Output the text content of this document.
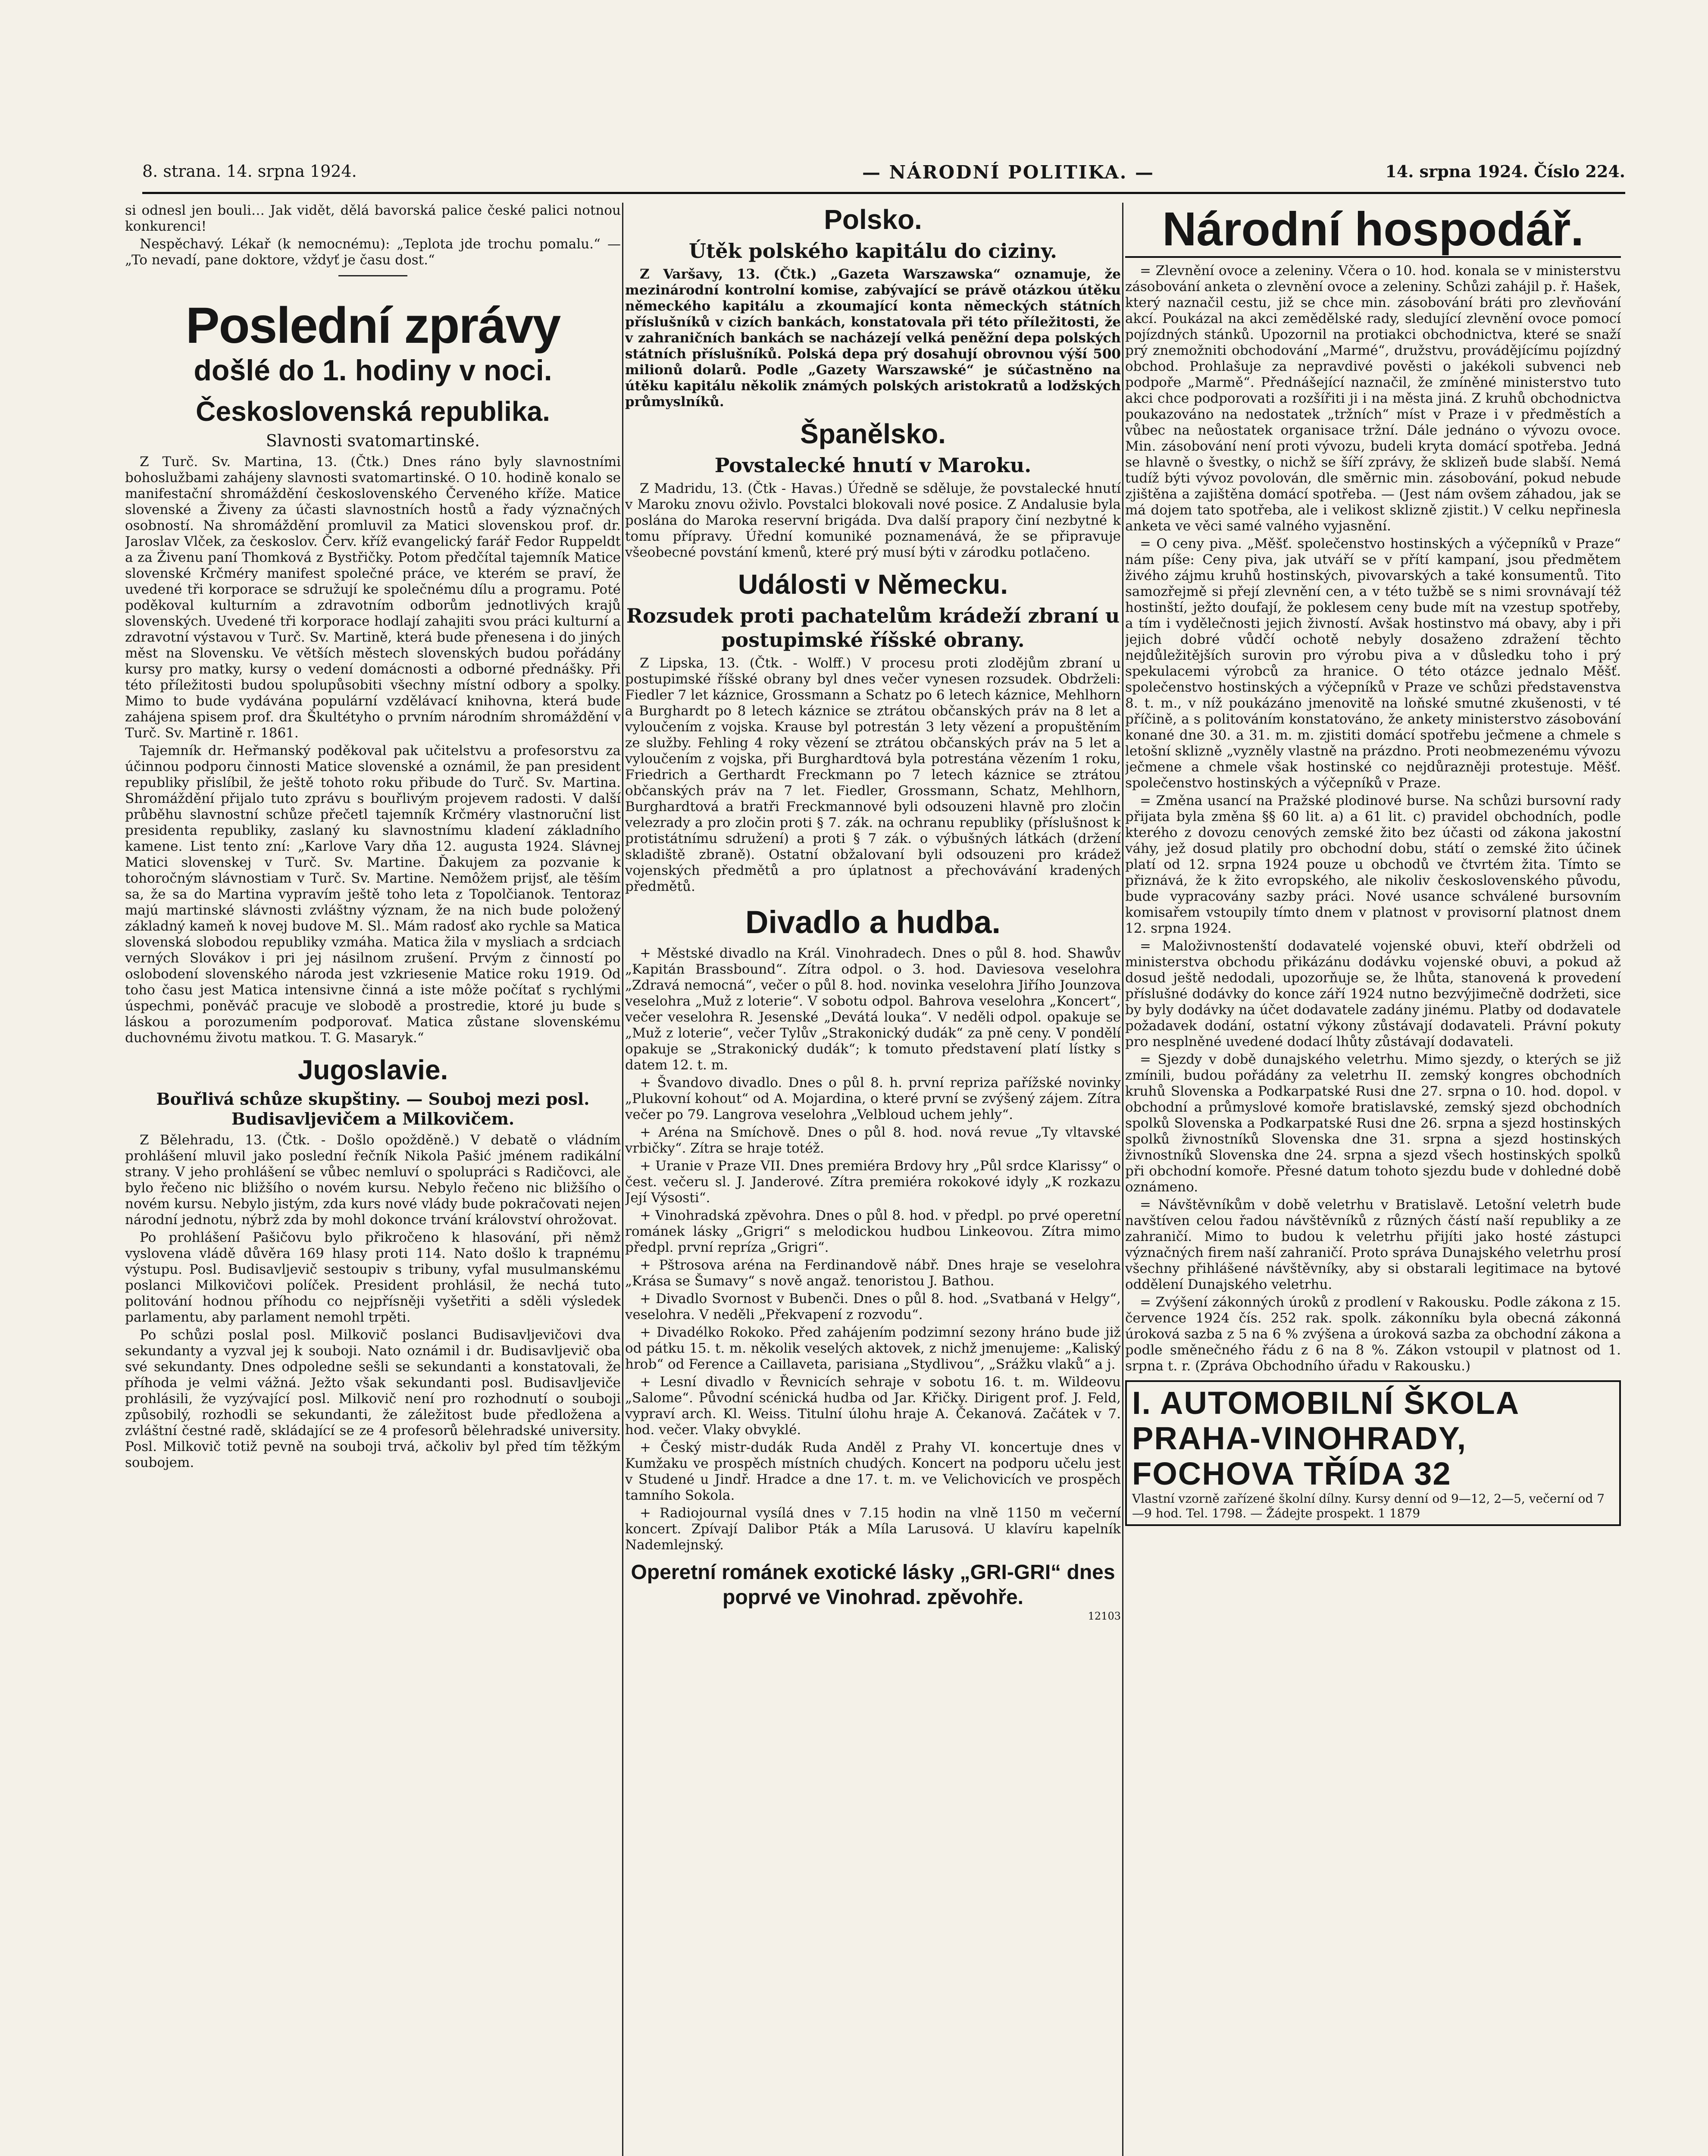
8. strana. 14. srpna 1924.	— NÁRODNÍ POLITIKA. —	14. srpna 1924. Číslo 224.

si odnesl jen bouli… Jak vidět, dělá bavorská palice české palici notnou konkurenci!

Nespěchavý. Lékař (k nemocnému): „Teplota jde trochu pomalu.“ — „To nevadí, pane doktore, vždyť je času dost.“

Poslední zprávy
došlé do 1. hodiny v noci.
Československá republika.
Slavnosti svatomartinské.

Z Turč. Sv. Martina, 13. (Čtk.) Dnes ráno byly slavnostními bohoslužbami zahájeny slavnosti svatomartinské. O 10. hodině konalo se manifestační shromáždění československého Červeného kříže. Matice slovenské a Živeny za účasti slavnostních hostů a řady význačných osobností. Na shromáždění promluvil za Matici slovenskou prof. dr. Jaroslav Vlček, za českoslov. Červ. kříž evangelický farář Fedor Ruppeldt a za Živenu paní Thomková z Bystřičky. Potom předčítal tajemník Matice slovenské Krčméry manifest společné práce, ve kterém se praví, že uvedené tři korporace se sdružují ke společnému dílu a programu. Poté poděkoval kulturním a zdravotním odborům jednotlivých krajů slovenských. Uvedené tři korporace hodlají zahajiti svou práci kulturní a zdravotní výstavou v Turč. Sv. Martině, která bude přenesena i do jiných měst na Slovensku. Ve větších městech slovenských budou pořádány kursy pro matky, kursy o vedení domácnosti a odborné přednášky. Při této příležitosti budou spolupůsobiti všechny místní odbory a spolky. Mimo to bude vydávána populární vzdělávací knihovna, která bude zahájena spisem prof. dra Škultétyho o prvním národním shromáždění v Turč. Sv. Martině r. 1861.

Tajemník dr. Heřmanský poděkoval pak učitelstvu a profesorstvu za účinnou podporu činnosti Matice slovenské a oznámil, že pan president republiky přislíbil, že ještě tohoto roku přibude do Turč. Sv. Martina. Shromáždění přijalo tuto zprávu s bouřlivým projevem radosti. V další průběhu slavnostní schůze přečetl tajemník Krčméry vlastnoruční list presidenta republiky, zaslaný ku slavnostnímu kladení základního kamene. List tento zní: „Karlove Vary dňa 12. augusta 1924. Slávnej Matici slovenskej v Turč. Sv. Martine. Ďakujem za pozvanie k tohoročným slávnostiam v Turč. Sv. Martine. Nemôžem prijsť, ale těším sa, že sa do Martina vypravím ještě toho leta z Topolčianok. Tentoraz majú martinské slávnosti zvláštny význam, že na nich bude položený základný kameň k novej budove M. Sl.. Mám radosť ako rychle sa Matica slovenská slobodou republiky vzmáha. Matica žila v mysliach a srdciach verných Slovákov i pri jej násilnom zrušení. Prvým z činností po oslobodení slovenského národa jest vzkriesenie Matice roku 1919. Od toho času jest Matica intensivne činná a iste môže počítať s rychlými úspechmi, poněváč pracuje ve slobodě a prostredie, ktoré ju bude s láskou a porozumením podporovať. Matica zůstane slovenskému duchovnému životu matkou. T. G. Masaryk.“

Jugoslavie.
Bouřlivá schůze skupštiny. — Souboj mezi posl. Budisavljevičem a Milkovičem.

Z Bělehradu, 13. (Čtk. - Došlo opožděně.) V debatě o vládním prohlášení mluvil jako poslední řečník Nikola Pašić jménem radikální strany. V jeho prohlášení se vůbec nemluví o spolupráci s Radičovci, ale bylo řečeno nic bližšího o novém kursu. Nebylo řečeno nic bližšího o novém kursu. Nebylo jistým, zda kurs nové vlády bude pokračovati nejen národní jednotu, nýbrž zda by mohl dokonce trvání království ohrožovat.

Po prohlášení Pašičovu bylo přikročeno k hlasování, při němž vyslovena vládě důvěra 169 hlasy proti 114. Nato došlo k trapnému výstupu. Posl. Budisavljevič sestoupiv s tribuny, vyfal musulmanskému poslanci Milkovičovi políček. President prohlásil, že nechá tuto politování hodnou příhodu co nejpřísněji vyšetřiti a sděli výsledek parlamentu, aby parlament nemohl trpěti.

Po schůzi poslal posl. Milkovič poslanci Budisavljevičovi dva sekundanty a vyzval jej k souboji. Nato oznámil i dr. Budisavljevič oba své sekundanty. Dnes odpoledne sešli se sekundanti a konstatovali, že příhoda je velmi vážná. Ježto však sekundanti posl. Budisavljeviče prohlásili, že vyzývající posl. Milkovič není pro rozhodnutí o souboji způsobilý, rozhodli se sekundanti, že záležitost bude předložena a zvláštní čestné radě, skládající se ze 4 profesorů bělehradské university. Posl. Milkovič totiž pevně na souboji trvá, ačkoliv byl před tím těžkým soubojem.

Polsko.
Útěk polského kapitálu do ciziny.

Z Varšavy, 13. (Čtk.) „Gazeta Warszawska“ oznamuje, že mezinárodní kontrolní komise, zabývající se právě otázkou útěku německého kapitálu a zkoumající konta německých státních příslušníků v cizích bankách, konstatovala při této příležitosti, že v zahraničních bankách se nacházejí velká peněžní depa polských státních příslušníků. Polská depa prý dosahují obrovnou výší 500 milionů dolarů. Podle „Gazety Warszawské“ je súčastněno na útěku kapitálu několik známých polských aristokratů a lodžských průmyslníků.

Španělsko.
Povstalecké hnutí v Maroku.

Z Madridu, 13. (Čtk - Havas.) Úředně se sděluje, že povstalecké hnutí v Maroku znovu oživlo. Povstalci blokovali nové posice. Z Andalusie byla poslána do Maroka reservní brigáda. Dva další prapory činí nezbytné k tomu přípravy. Úřední komuniké poznamenává, že se připravuje všeobecné povstání kmenů, které prý musí býti v zárodku potlačeno.

Události v Německu.
Rozsudek proti pachatelům krádeží zbraní u postupimské říšské obrany.

Z Lipska, 13. (Čtk. - Wolff.) V procesu proti zlodějům zbraní u postupimské říšské obrany byl dnes večer vynesen rozsudek. Obdrželi: Fiedler 7 let káznice, Grossmann a Schatz po 6 letech káznice, Mehlhorn a Burghardt po 8 letech káznice se ztrátou občanských práv na 8 let a vyloučením z vojska. Krause byl potrestán 3 lety vězení a propuštěním ze služby. Fehling 4 roky vězení se ztrátou občanských práv na 5 let a vyloučením z vojska, při Burghardtová byla potrestána vězením 1 roku, Friedrich a Gerthardt Freckmann po 7 letech káznice se ztrátou občanských práv na 7 let. Fiedler, Grossmann, Schatz, Mehlhorn, Burghardtová a bratři Freckmannové byli odsouzeni hlavně pro zločin velezrady a pro zločin proti § 7. zák. na ochranu republiky (příslušnost k protistátnímu sdružení) a proti § 7 zák. o výbušných látkách (držení skladiště zbraně). Ostatní obžalovaní byli odsouzeni pro krádež vojenských předmětů a pro úplatnost a přechovávání kradených předmětů.

Divadlo a hudba.

+ Městské divadlo na Král. Vinohradech. Dnes o půl 8. hod. Shawův „Kapitán Brassbound“. Zítra odpol. o 3. hod. Daviesova veselohra „Zdravá nemocná“, večer o půl 8. hod. novinka veselohra Jiřího Jounzova veselohra „Muž z loterie“. V sobotu odpol. Bahrova veselohra „Koncert“, večer veselohra R. Jesenské „Devátá louka“. V neděli odpol. opakuje se „Muž z loterie“, večer Tylův „Strakonický dudák“ za pně ceny. V pondělí opakuje se „Strakonický dudák“; k tomuto představení platí lístky s datem 12. t. m.

+ Švandovo divadlo. Dnes o půl 8. h. první repriza pařížské novinky „Plukovní kohout“ od A. Mojardina, o které první se zvýšený zájem. Zítra večer po 79. Langrova veselohra „Velbloud uchem jehly“.

+ Aréna na Smíchově. Dnes o půl 8. hod. nová revue „Ty vltavské vrbičky“. Zítra se hraje totéž.

+ Uranie v Praze VII. Dnes premiéra Brdovy hry „Půl srdce Klarissy“ o čest. večeru sl. J. Janderové. Zítra premiéra rokokové idyly „K rozkazu Její Výsosti“.

+ Vinohradská zpěvohra. Dnes o půl 8. hod. v předpl. po prvé operetní románek lásky „Grigri“ s melodickou hudbou Linkeovou. Zítra mimo předpl. první repríza „Grigri“.

+ Pštrosova aréna na Ferdinandově nábř. Dnes hraje se veselohra „Krása se Šumavy“ s nově angaž. tenoristou J. Bathou.

+ Divadlo Svornost v Bubenči. Dnes o půl 8. hod. „Svatbaná v Helgy“, veselohra. V neděli „Překvapení z rozvodu“.

+ Divadélko Rokoko. Před zahájením podzimní sezony hráno bude již od pátku 15. t. m. několik veselých aktovek, z nichž jmenujeme: „Kaliský hrob“ od Ference a Caillaveta, parisiana „Stydlivou“, „Srážku vlaků“ a j.

+ Lesní divadlo v Řevnicích sehraje v sobotu 16. t. m. Wildeovu „Salome“. Původní scénická hudba od Jar. Křičky. Dirigent prof. J. Feld, vypraví arch. Kl. Weiss. Titulní úlohu hraje A. Čekanová. Začátek v 7. hod. večer. Vlaky obvyklé.

+ Český mistr-dudák Ruda Anděl z Prahy VI. koncertuje dnes v Kumžaku ve prospěch místních chudých. Koncert na podporu učelu jest v Studené u Jindř. Hradce a dne 17. t. m. ve Velichovicích ve prospěch tamního Sokola.

+ Radiojournal vysílá dnes v 7.15 hodin na vlně 1150 m večerní koncert. Zpívají Dalibor Pták a Míla Larusová. U klavíru kapelník Nademlejnský.

Operetní románek exotické lásky „GRI-GRI“ dnes poprvé ve Vinohrad. zpěvohře.
12103
Národní hospodář.

= Zlevnění ovoce a zeleniny. Včera o 10. hod. konala se v ministerstvu zásobování anketa o zlevnění ovoce a zeleniny. Schůzi zahájil p. ř. Hašek, který naznačil cestu, již se chce min. zásobování bráti pro zlevňování akcí. Poukázal na akci zemědělské rady, sledující zlevnění ovoce pomocí pojízdných stánků. Upozornil na protiakci obchodnictva, které se snaží prý znemožniti obchodování „Marmé“, družstvu, provádějícímu pojízdný obchod. Prohlašuje za nepravdivé pověsti o jakékoli subvenci neb podpoře „Marmě“. Přednášející naznačil, že zmíněné ministerstvo tuto akci chce podporovati a rozšířiti ji i na města jiná. Z kruhů obchodnictva poukazováno na nedostatek „tržních“ míst v Praze i v předměstích a vůbec na neůostatek organisace tržní. Dále jednáno o vývozu ovoce. Min. zásobování není proti vývozu, budeli kryta domácí spotřeba. Jedná se hlavně o švestky, o nichž se šíří zprávy, že sklizeň bude slabší. Nemá tudíž býti vývoz povolován, dle směrnic min. zásobování, pokud nebude zjištěna a zajištěna domácí spotřeba. — (Jest nám ovšem záhadou, jak se má dojem tato spotřeba, ale i velikost sklizně zjistit.) V celku nepřinesla anketa ve věci samé valného vyjasnění.

= O ceny piva. „Měšť. společenstvo hostinských a výčepníků v Praze“ nám píše: Ceny piva, jak utváří se v přítí kampaní, jsou předmětem živého zájmu kruhů hostinských, pivovarských a také konsumentů. Tito samozřejmě si přejí zlevnění cen, a v této tužbě se s nimi srovnávají též hostinští, ježto doufají, že poklesem ceny bude mít na vzestup spotřeby, a tím i vydělečnosti jejich živností. Avšak hostinstvo má obavy, aby i při jejich dobré vůdčí ochotě nebyly dosaženo zdražení těchto nejdůležitějších surovin pro výrobu piva a v důsledku toho i prý spekulacemi výrobců za hranice. O této otázce jednalo Měšť. společenstvo hostinských a výčepníků v Praze ve schůzi představenstva 8. t. m., v níž poukázáno jmenovitě na loňské smutné zkušenosti, v té příčině, a s politováním konstatováno, že ankety ministerstvo zásobování konané dne 30. a 31. m. m. zjistiti domácí spotřebu ječmene a chmele s letošní sklizně „vyzněly vlastně na prázdno. Proti neobmezenému vývozu ječmene a chmele však hostinské co nejdůrazněji protestuje. Měšť. společenstvo hostinských a výčepníků v Praze.

= Změna usancí na Pražské plodinové burse. Na schůzi bursovní rady přijata byla změna §§ 60 lit. a) a 61 lit. c) pravidel obchodních, podle kterého z dovozu cenových zemské žito bez účasti od zákona jakostní váhy, jež dosud platily pro obchodní dobu, státí o zemské žito účinek platí od 12. srpna 1924 pouze u obchodů ve čtvrtém žita. Tímto se přiznává, že k žito evropského, ale nikoliv československého původu, bude vypracovány sazby práci. Nové usance schválené bursovním komisařem vstoupily tímto dnem v platnost v provisorní platnost dnem 12. srpna 1924.

= Maloživnostenští dodavatelé vojenské obuvi, kteří obdrželi od ministerstva obchodu přikázánu dodávku vojenské obuvi, a pokud až dosud ještě nedodali, upozorňuje se, že lhůta, stanovená k provedení příslušné dodávky do konce září 1924 nutno bezvýjimečně dodržeti, sice by byly dodávky na účet dodavatele zadány jinému. Platby od dodavatele požadavek dodání, ostatní výkony zůstávají dodavateli. Právní pokuty pro nesplněné uvedené dodací lhůty zůstávají dodavateli.

= Sjezdy v době dunajského veletrhu. Mimo sjezdy, o kterých se již zmínili, budou pořádány za veletrhu II. zemský kongres obchodních kruhů Slovenska a Podkarpatské Rusi dne 27. srpna o 10. hod. dopol. v obchodní a průmyslové komoře bratislavské, zemský sjezd obchodních spolků Slovenska a Podkarpatské Rusi dne 26. srpna a sjezd hostinských spolků živnostníků Slovenska dne 31. srpna a sjezd hostinských živnostníků Slovenska dne 24. srpna a sjezd všech hostinských spolků při obchodní komoře. Přesné datum tohoto sjezdu bude v dohledné době oznámeno.

= Návštěvníkům v době veletrhu v Bratislavě. Letošní veletrh bude navštíven celou řadou návštěvníků z různých částí naší republiky a ze zahraničí. Mimo to budou k veletrhu přijíti jako hosté zástupci význačných firem naší zahraničí. Proto správa Dunajského veletrhu prosí všechny přihlášené návštěvníky, aby si obstarali legitimace na bytové oddělení Dunajského veletrhu.

= Zvýšení zákonných úroků z prodlení v Rakousku. Podle zákona z 15. července 1924 čís. 252 rak. spolk. zákonníku byla obecná zákonná úroková sazba z 5 na 6 % zvýšena a úroková sazba za obchodní zákona a podle směnečného řádu z 6 na 8 %. Zákon vstoupil v platnost od 1. srpna t. r. (Zpráva Obchodního úřadu v Rakousku.)

I. AUTOMOBILNÍ ŠKOLA PRAHA-VINOHRADY, FOCHOVA TŘÍDA 32
Vlastní vzorně zařízené školní dílny. Kursy denní od 9—12, 2—5, večerní od 7—9 hod. Tel. 1798. — Žádejte prospekt. 1 1879
